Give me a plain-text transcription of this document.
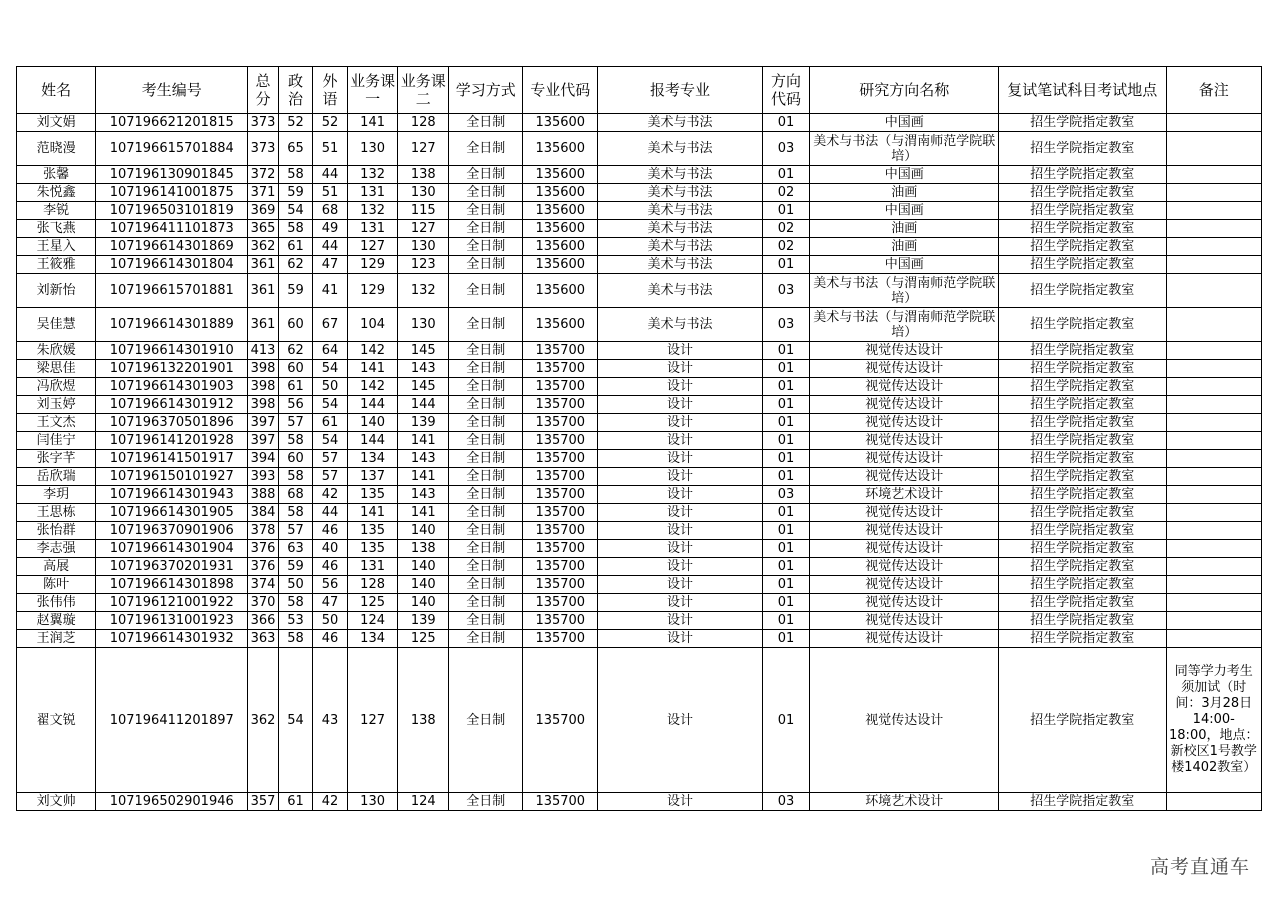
姓名	考生编号	总分	政治	外语	业务课一	业务课二	学习方式	专业代码	报考专业	方向代码	研究方向名称	复试笔试科目考试地点	备注
刘文娟	107196621201815	373	52	52	141	128	全日制	135600	美术与书法	01	中国画	招生学院指定教室	
范晓漫	107196615701884	373	65	51	130	127	全日制	135600	美术与书法	03	美术与书法（与渭南师范学院联培）	招生学院指定教室	
张馨	107196130901845	372	58	44	132	138	全日制	135600	美术与书法	01	中国画	招生学院指定教室	
朱悦鑫	107196141001875	371	59	51	131	130	全日制	135600	美术与书法	02	油画	招生学院指定教室	
李锐	107196503101819	369	54	68	132	115	全日制	135600	美术与书法	01	中国画	招生学院指定教室	
张飞燕	107196411101873	365	58	49	131	127	全日制	135600	美术与书法	02	油画	招生学院指定教室	
王星入	107196614301869	362	61	44	127	130	全日制	135600	美术与书法	02	油画	招生学院指定教室	
王筱雅	107196614301804	361	62	47	129	123	全日制	135600	美术与书法	01	中国画	招生学院指定教室	
刘新怡	107196615701881	361	59	41	129	132	全日制	135600	美术与书法	03	美术与书法（与渭南师范学院联培）	招生学院指定教室	
吴佳慧	107196614301889	361	60	67	104	130	全日制	135600	美术与书法	03	美术与书法（与渭南师范学院联培）	招生学院指定教室	
朱欣媛	107196614301910	413	62	64	142	145	全日制	135700	设计	01	视觉传达设计	招生学院指定教室	
梁思佳	107196132201901	398	60	54	141	143	全日制	135700	设计	01	视觉传达设计	招生学院指定教室	
冯欣煜	107196614301903	398	61	50	142	145	全日制	135700	设计	01	视觉传达设计	招生学院指定教室	
刘玉婷	107196614301912	398	56	54	144	144	全日制	135700	设计	01	视觉传达设计	招生学院指定教室	
王文杰	107196370501896	397	57	61	140	139	全日制	135700	设计	01	视觉传达设计	招生学院指定教室	
闫佳宁	107196141201928	397	58	54	144	141	全日制	135700	设计	01	视觉传达设计	招生学院指定教室	
张字芊	107196141501917	394	60	57	134	143	全日制	135700	设计	01	视觉传达设计	招生学院指定教室	
岳欣瑞	107196150101927	393	58	57	137	141	全日制	135700	设计	01	视觉传达设计	招生学院指定教室	
李玥	107196614301943	388	68	42	135	143	全日制	135700	设计	03	环境艺术设计	招生学院指定教室	
王思栋	107196614301905	384	58	44	141	141	全日制	135700	设计	01	视觉传达设计	招生学院指定教室	
张怡群	107196370901906	378	57	46	135	140	全日制	135700	设计	01	视觉传达设计	招生学院指定教室	
李志强	107196614301904	376	63	40	135	138	全日制	135700	设计	01	视觉传达设计	招生学院指定教室	
高展	107196370201931	376	59	46	131	140	全日制	135700	设计	01	视觉传达设计	招生学院指定教室	
陈叶	107196614301898	374	50	56	128	140	全日制	135700	设计	01	视觉传达设计	招生学院指定教室	
张伟伟	107196121001922	370	58	47	125	140	全日制	135700	设计	01	视觉传达设计	招生学院指定教室	
赵翼璇	107196131001923	366	53	50	124	139	全日制	135700	设计	01	视觉传达设计	招生学院指定教室	
王润芝	107196614301932	363	58	46	134	125	全日制	135700	设计	01	视觉传达设计	招生学院指定教室	
翟文锐	107196411201897	362	54	43	127	138	全日制	135700	设计	01	视觉传达设计	招生学院指定教室	同等学力考生须加试（时间：3月28日14:00-18:00，地点：新校区1号教学楼1402教室）
刘文帅	107196502901946	357	61	42	130	124	全日制	135700	设计	03	环境艺术设计	招生学院指定教室	
高考直通车
